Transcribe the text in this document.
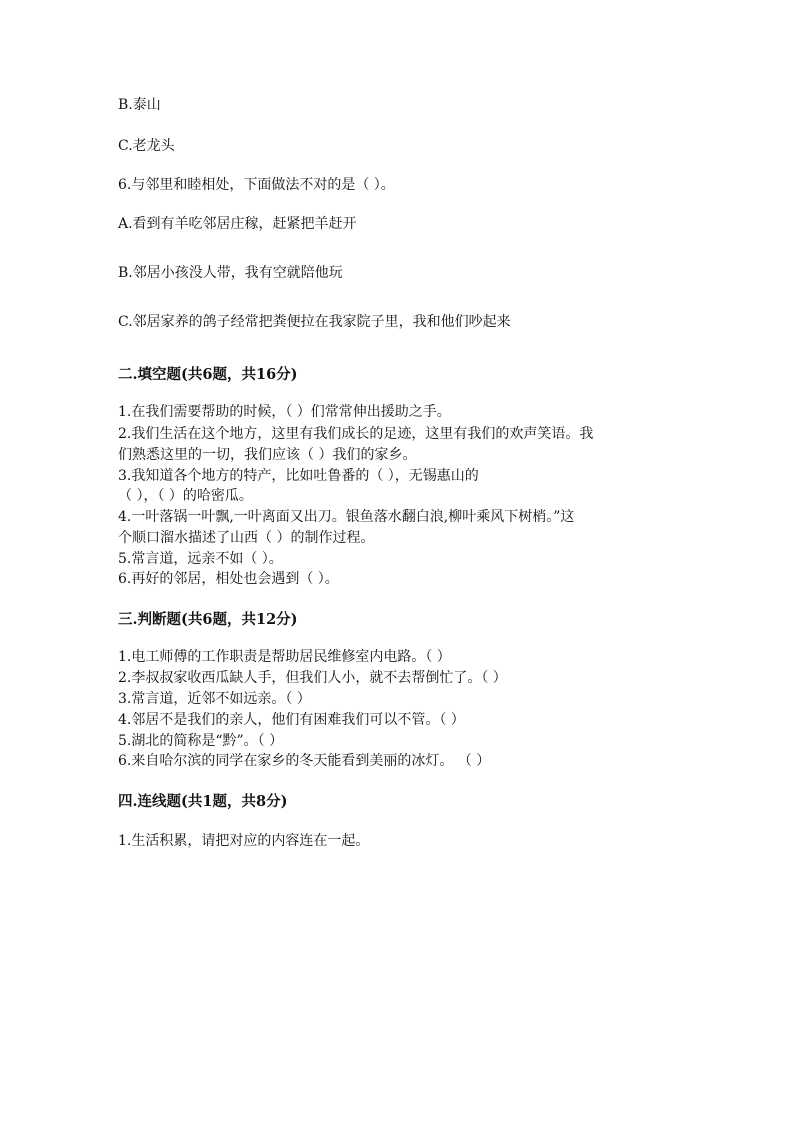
B.泰山
C.老龙头
6.与邻里和睦相处，下面做法不对的是（ ）。
A.看到有羊吃邻居庄稼，赶紧把羊赶开
B.邻居小孩没人带，我有空就陪他玩
C.邻居家养的鸽子经常把粪便拉在我家院子里，我和他们吵起来
二.填空题(共6题，共16分)
1.在我们需要帮助的时候，（ ）们常常伸出援助之手。
2.我们生活在这个地方，这里有我们成长的足迹，这里有我们的欢声笑语。我
们熟悉这里的一切，我们应该（ ）我们的家乡。
3.我知道各个地方的特产，比如吐鲁番的（ ），无锡惠山的
（ ），（ ）的哈密瓜。
4.一叶落锅一叶飘,一叶离面又出刀。银鱼落水翻白浪,柳叶乘风下树梢。”这
个顺口溜水描述了山西（ ）的制作过程。
5.常言道，远亲不如（ ）。
6.再好的邻居，相处也会遇到（ ）。
三.判断题(共6题，共12分)
1.电工师傅的工作职责是帮助居民维修室内电路。（ ）
2.李叔叔家收西瓜缺人手，但我们人小，就不去帮倒忙了。（ ）
3.常言道，近邻不如远亲。（ ）
4.邻居不是我们的亲人，他们有困难我们可以不管。（ ）
5.湖北的简称是“黔”。（ ）
6.来自哈尔滨的同学在家乡的冬天能看到美丽的冰灯。 （ ）
四.连线题(共1题，共8分)
1.生活积累，请把对应的内容连在一起。
